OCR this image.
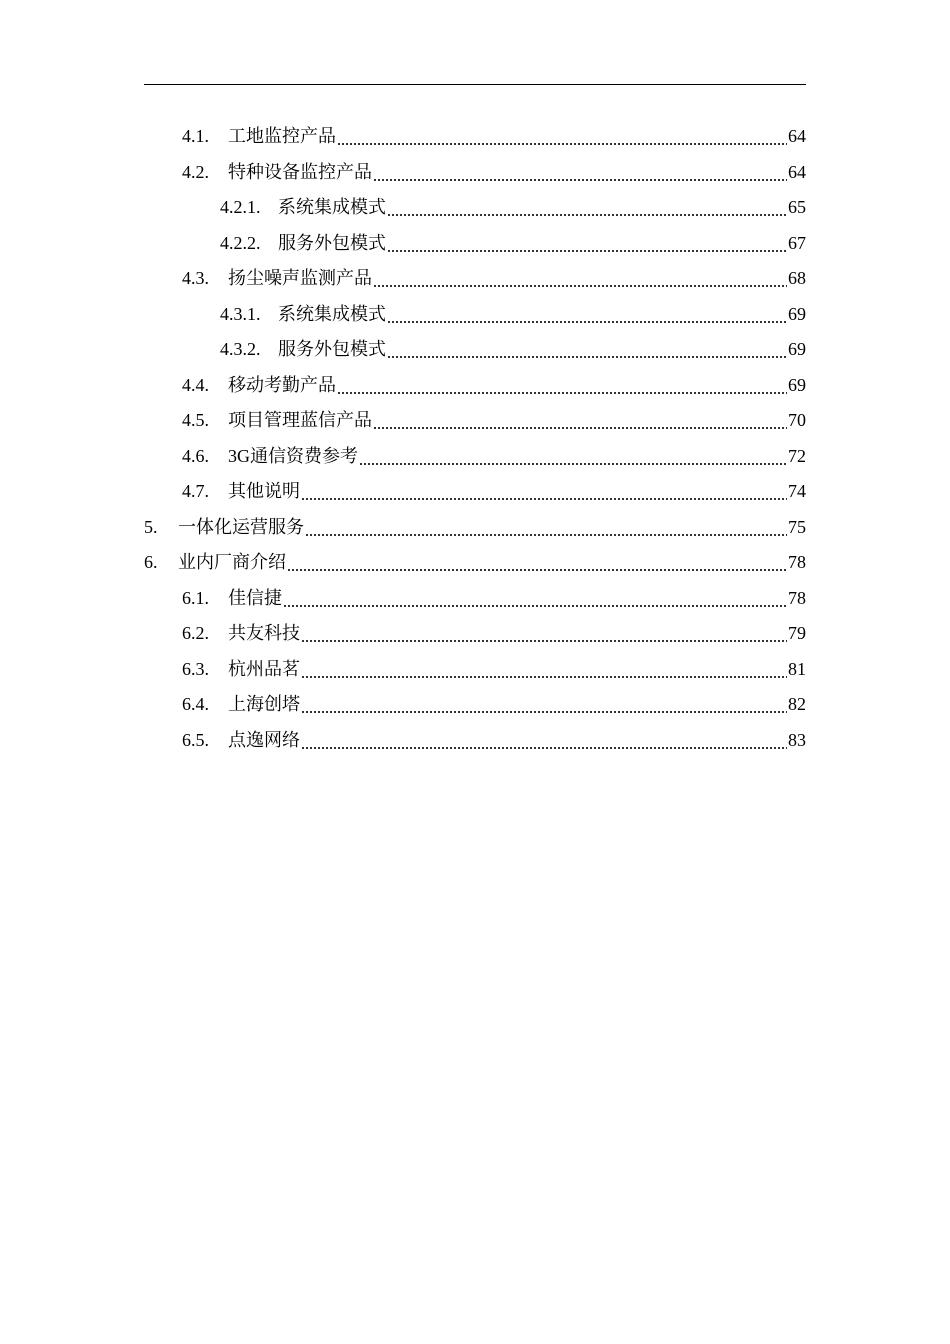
4.1.	工地监控产品	64
4.2.	特种设备监控产品	64
4.2.1. 系统集成模式	65
4.2.2. 服务外包模式	67
4.3.	扬尘噪声监测产品	68
4.3.1. 系统集成模式	69
4.3.2. 服务外包模式	69
4.4.	移动考勤产品	69
4.5.	项目管理蓝信产品	70
4.6.	3G通信资费参考	72
4.7.	其他说明	74
5.	一体化运营服务	75
6.	业内厂商介绍	78
6.1.	佳信捷	78
6.2.	共友科技	79
6.3.	杭州品茗	81
6.4.	上海创塔	82
6.5.	点逸网络	83
